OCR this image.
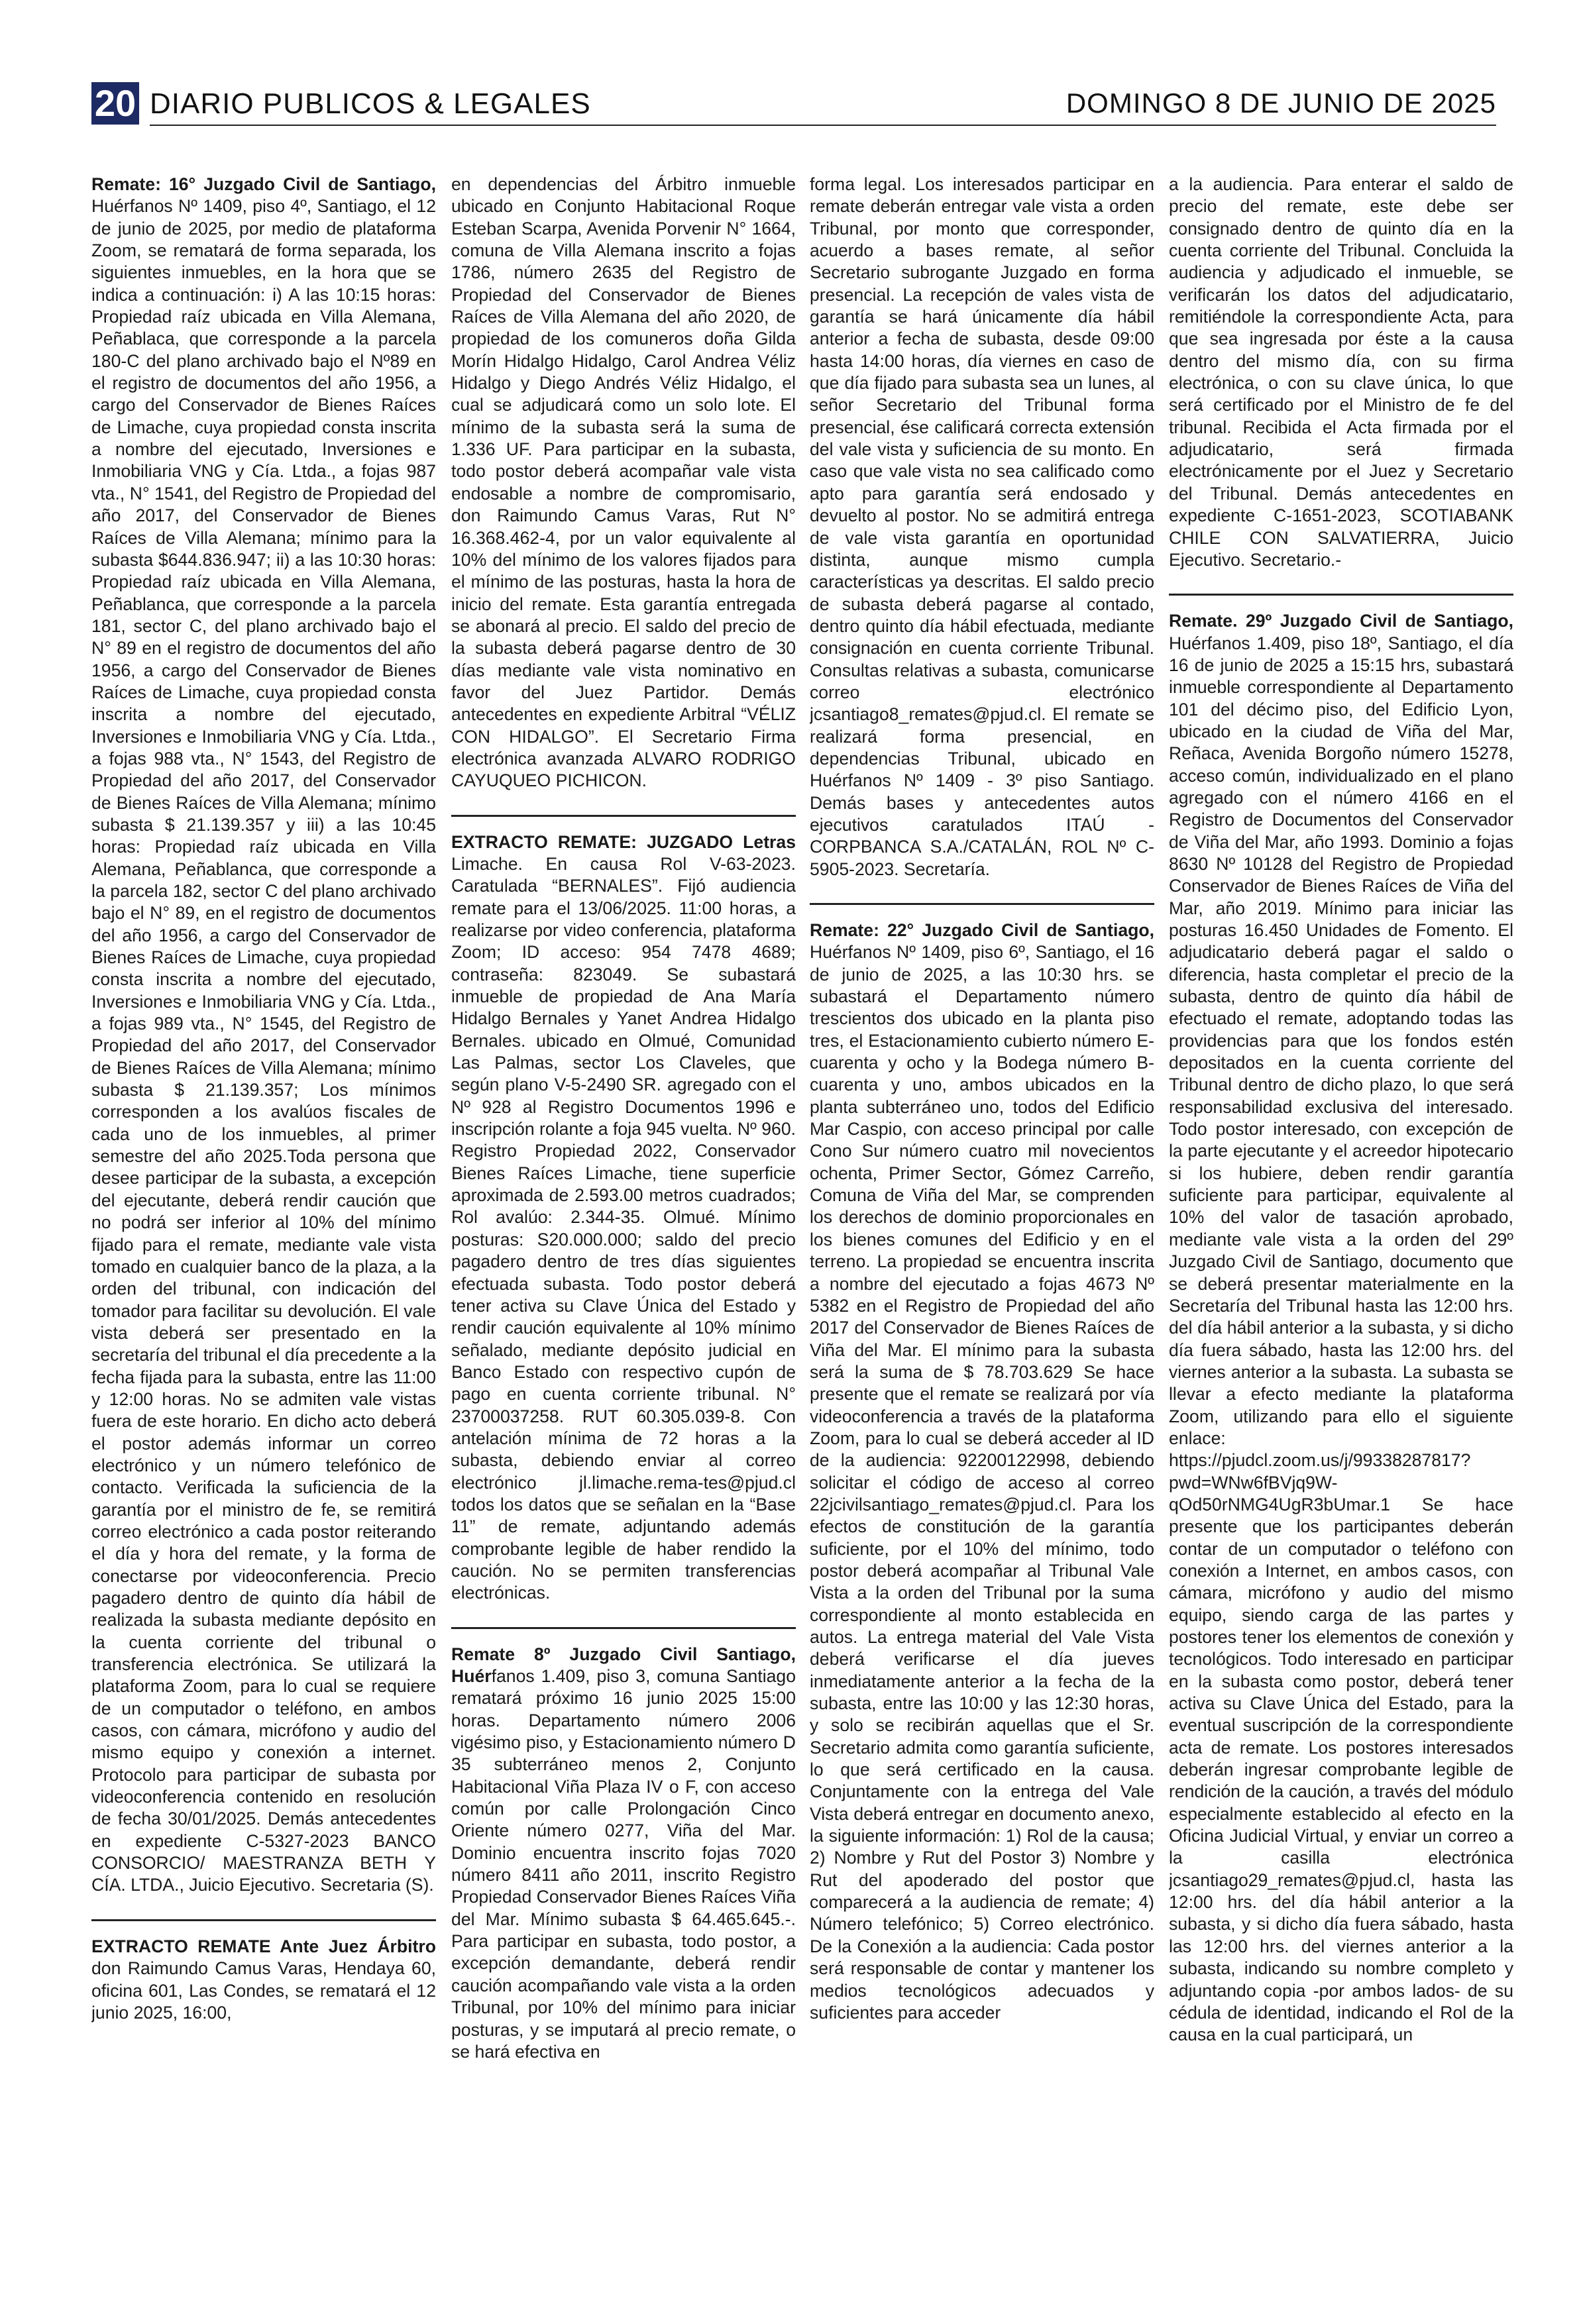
20 DIARIO PUBLICOS & LEGALES	DOMINGO 8 DE JUNIO DE 2025

Remate: 16° Juzgado Civil de Santiago, Huérfanos Nº 1409, piso 4º, Santiago, el 12 de junio de 2025, por medio de plataforma Zoom, se rematará de forma separada, los siguientes inmuebles, en la hora que se indica a continuación: i) A las 10:15 horas: Propiedad raíz ubicada en Villa Alemana, Peñablaca, que corresponde a la parcela 180-C del plano archivado bajo el Nº89 en el registro de documentos del año 1956, a cargo del Conservador de Bienes Raíces de Limache, cuya propiedad consta inscrita a nombre del ejecutado, Inversiones e Inmobiliaria VNG y Cía. Ltda., a fojas 987 vta., N° 1541, del Registro de Propiedad del año 2017, del Conservador de Bienes Raíces de Villa Alemana; mínimo para la subasta $644.836.947; ii) a las 10:30 horas: Propiedad raíz ubicada en Villa Alemana, Peñablanca, que corresponde a la parcela 181, sector C, del plano archivado bajo el N° 89 en el registro de documentos del año 1956, a cargo del Conservador de Bienes Raíces de Limache, cuya propiedad consta inscrita a nombre del ejecutado, Inversiones e Inmobiliaria VNG y Cía. Ltda., a fojas 988 vta., N° 1543, del Registro de Propiedad del año 2017, del Conservador de Bienes Raíces de Villa Alemana; mínimo subasta $ 21.139.357 y iii) a las 10:45 horas: Propiedad raíz ubicada en Villa Alemana, Peñablanca, que corresponde a la parcela 182, sector C del plano archivado bajo el N° 89, en el registro de documentos del año 1956, a cargo del Conservador de Bienes Raíces de Limache, cuya propiedad consta inscrita a nombre del ejecutado, Inversiones e Inmobiliaria VNG y Cía. Ltda., a fojas 989 vta., N° 1545, del Registro de Propiedad del año 2017, del Conservador de Bienes Raíces de Villa Alemana; mínimo subasta $ 21.139.357; Los mínimos corresponden a los avalúos fiscales de cada uno de los inmuebles, al primer semestre del año 2025.Toda persona que desee participar de la subasta, a excepción del ejecutante, deberá rendir caución que no podrá ser inferior al 10% del mínimo fijado para el remate, mediante vale vista tomado en cualquier banco de la plaza, a la orden del tribunal, con indicación del tomador para facilitar su devolución. El vale vista deberá ser presentado en la secretaría del tribunal el día precedente a la fecha fijada para la subasta, entre las 11:00 y 12:00 horas. No se admiten vale vistas fuera de este horario. En dicho acto deberá el postor además informar un correo electrónico y un número telefónico de contacto. Verificada la suficiencia de la garantía por el ministro de fe, se remitirá correo electrónico a cada postor reiterando el día y hora del remate, y la forma de conectarse por videoconferencia. Precio pagadero dentro de quinto día hábil de realizada la subasta mediante depósito en la cuenta corriente del tribunal o transferencia electrónica. Se utilizará la plataforma Zoom, para lo cual se requiere de un computador o teléfono, en ambos casos, con cámara, micrófono y audio del mismo equipo y conexión a internet. Protocolo para participar de subasta por videoconferencia contenido en resolución de fecha 30/01/2025. Demás antecedentes en expediente C-5327-2023 BANCO CONSORCIO/ MAESTRANZA BETH Y CÍA. LTDA., Juicio Ejecutivo. Secretaria (S).

EXTRACTO REMATE Ante Juez Árbitro don Raimundo Camus Varas, Hendaya 60, oficina 601, Las Condes, se rematará el 12 junio 2025, 16:00,

en dependencias del Árbitro inmueble ubicado en Conjunto Habitacional Roque Esteban Scarpa, Avenida Porvenir N° 1664, comuna de Villa Alemana inscrito a fojas 1786, número 2635 del Registro de Propiedad del Conservador de Bienes Raíces de Villa Alemana del año 2020, de propiedad de los comuneros doña Gilda Morín Hidalgo Hidalgo, Carol Andrea Véliz Hidalgo y Diego Andrés Véliz Hidalgo, el cual se adjudicará como un solo lote. El mínimo de la subasta será la suma de 1.336 UF. Para participar en la subasta, todo postor deberá acompañar vale vista endosable a nombre de compromisario, don Raimundo Camus Varas, Rut N° 16.368.462-4, por un valor equivalente al 10% del mínimo de los valores fijados para el mínimo de las posturas, hasta la hora de inicio del remate. Esta garantía entregada se abonará al precio. El saldo del precio de la subasta deberá pagarse dentro de 30 días mediante vale vista nominativo en favor del Juez Partidor. Demás antecedentes en expediente Arbitral “VÉLIZ CON HIDALGO”. El Secretario Firma electrónica avanzada ALVARO RODRIGO CAYUQUEO PICHICON.

EXTRACTO REMATE: JUZGADO Letras Limache. En causa Rol V-63-2023. Caratulada “BERNALES”. Fijó audiencia remate para el 13/06/2025. 11:00 horas, a realizarse por video conferencia, plataforma Zoom; ID acceso: 954 7478 4689; contraseña: 823049. Se subastará inmueble de propiedad de Ana María Hidalgo Bernales y Yanet Andrea Hidalgo Bernales. ubicado en Olmué, Comunidad Las Palmas, sector Los Claveles, que según plano V-5-2490 SR. agregado con el Nº 928 al Registro Documentos 1996 e inscripción rolante a foja 945 vuelta. Nº 960. Registro Propiedad 2022, Conservador Bienes Raíces Limache, tiene superficie aproximada de 2.593.00 metros cuadrados; Rol avalúo: 2.344-35. Olmué. Mínimo posturas: S20.000.000; saldo del precio pagadero dentro de tres días siguientes efectuada subasta. Todo postor deberá tener activa su Clave Única del Estado y rendir caución equivalente al 10% mínimo señalado, mediante depósito judicial en Banco Estado con respectivo cupón de pago en cuenta corriente tribunal. N° 23700037258. RUT 60.305.039-8. Con antelación mínima de 72 horas a la subasta, debiendo enviar al correo electrónico jl.limache.rema-tes@pjud.cl todos los datos que se señalan en la “Base 11” de remate, adjuntando además comprobante legible de haber rendido la caución. No se permiten transferencias electrónicas.

Remate 8º Juzgado Civil Santiago, Huérfanos 1.409, piso 3, comuna Santiago rematará próximo 16 junio 2025 15:00 horas. Departamento número 2006 vigésimo piso, y Estacionamiento número D 35 subterráneo menos 2, Conjunto Habitacional Viña Plaza IV o F, con acceso común por calle Prolongación Cinco Oriente número 0277, Viña del Mar. Dominio encuentra inscrito fojas 7020 número 8411 año 2011, inscrito Registro Propiedad Conservador Bienes Raíces Viña del Mar. Mínimo subasta $ 64.465.645.-. Para participar en subasta, todo postor, a excepción demandante, deberá rendir caución acompañando vale vista a la orden Tribunal, por 10% del mínimo para iniciar posturas, y se imputará al precio remate, o se hará efectiva en

forma legal. Los interesados participar en remate deberán entregar vale vista a orden Tribunal, por monto que corresponder, acuerdo a bases remate, al señor Secretario subrogante Juzgado en forma presencial. La recepción de vales vista de garantía se hará únicamente día hábil anterior a fecha de subasta, desde 09:00 hasta 14:00 horas, día viernes en caso de que día fijado para subasta sea un lunes, al señor Secretario del Tribunal forma presencial, ése calificará correcta extensión del vale vista y suficiencia de su monto. En caso que vale vista no sea calificado como apto para garantía será endosado y devuelto al postor. No se admitirá entrega de vale vista garantía en oportunidad distinta, aunque mismo cumpla características ya descritas. El saldo precio de subasta deberá pagarse al contado, dentro quinto día hábil efectuada, mediante consignación en cuenta corriente Tribunal. Consultas relativas a subasta, comunicarse correo electrónico jcsantiago8_remates@pjud.cl. El remate se realizará forma presencial, en dependencias Tribunal, ubicado en Huérfanos Nº 1409 - 3º piso Santiago. Demás bases y antecedentes autos ejecutivos caratulados ITAÚ - CORPBANCA S.A./CATALÁN, ROL Nº C-5905-2023. Secretaría.

Remate: 22° Juzgado Civil de Santiago, Huérfanos Nº 1409, piso 6º, Santiago, el 16 de junio de 2025, a las 10:30 hrs. se subastará el Departamento número trescientos dos ubicado en la planta piso tres, el Estacionamiento cubierto número E-cuarenta y ocho y la Bodega número B-cuarenta y uno, ambos ubicados en la planta subterráneo uno, todos del Edificio Mar Caspio, con acceso principal por calle Cono Sur número cuatro mil novecientos ochenta, Primer Sector, Gómez Carreño, Comuna de Viña del Mar, se comprenden los derechos de dominio proporcionales en los bienes comunes del Edificio y en el terreno. La propiedad se encuentra inscrita a nombre del ejecutado a fojas 4673 Nº 5382 en el Registro de Propiedad del año 2017 del Conservador de Bienes Raíces de Viña del Mar. El mínimo para la subasta será la suma de $ 78.703.629 Se hace presente que el remate se realizará por vía videoconferencia a través de la plataforma Zoom, para lo cual se deberá acceder al ID de la audiencia: 92200122998, debiendo solicitar el código de acceso al correo 22jcivilsantiago_remates@pjud.cl. Para los efectos de constitución de la garantía suficiente, por el 10% del mínimo, todo postor deberá acompañar al Tribunal Vale Vista a la orden del Tribunal por la suma correspondiente al monto establecida en autos. La entrega material del Vale Vista deberá verificarse el día jueves inmediatamente anterior a la fecha de la subasta, entre las 10:00 y las 12:30 horas, y solo se recibirán aquellas que el Sr. Secretario admita como garantía suficiente, lo que será certificado en la causa. Conjuntamente con la entrega del Vale Vista deberá entregar en documento anexo, la siguiente información: 1) Rol de la causa; 2) Nombre y Rut del Postor 3) Nombre y Rut del apoderado del postor que comparecerá a la audiencia de remate; 4) Número telefónico; 5) Correo electrónico. De la Conexión a la audiencia: Cada postor será responsable de contar y mantener los medios tecnológicos adecuados y suficientes para acceder

a la audiencia. Para enterar el saldo de precio del remate, este debe ser consignado dentro de quinto día en la cuenta corriente del Tribunal. Concluida la audiencia y adjudicado el inmueble, se verificarán los datos del adjudicatario, remitiéndole la correspondiente Acta, para que sea ingresada por éste a la causa dentro del mismo día, con su firma electrónica, o con su clave única, lo que será certificado por el Ministro de fe del tribunal. Recibida el Acta firmada por el adjudicatario, será firmada electrónicamente por el Juez y Secretario del Tribunal. Demás antecedentes en expediente C-1651-2023, SCOTIABANK CHILE CON SALVATIERRA, Juicio Ejecutivo. Secretario.-

Remate. 29º Juzgado Civil de Santiago, Huérfanos 1.409, piso 18º, Santiago, el día 16 de junio de 2025 a 15:15 hrs, subastará inmueble correspondiente al Departamento 101 del décimo piso, del Edificio Lyon, ubicado en la ciudad de Viña del Mar, Reñaca, Avenida Borgoño número 15278, acceso común, individualizado en el plano agregado con el número 4166 en el Registro de Documentos del Conservador de Viña del Mar, año 1993. Dominio a fojas 8630 Nº 10128 del Registro de Propiedad Conservador de Bienes Raíces de Viña del Mar, año 2019. Mínimo para iniciar las posturas 16.450 Unidades de Fomento. El adjudicatario deberá pagar el saldo o diferencia, hasta completar el precio de la subasta, dentro de quinto día hábil de efectuado el remate, adoptando todas las providencias para que los fondos estén depositados en la cuenta corriente del Tribunal dentro de dicho plazo, lo que será responsabilidad exclusiva del interesado. Todo postor interesado, con excepción de la parte ejecutante y el acreedor hipotecario si los hubiere, deben rendir garantía suficiente para participar, equivalente al 10% del valor de tasación aprobado, mediante vale vista a la orden del 29º Juzgado Civil de Santiago, documento que se deberá presentar materialmente en la Secretaría del Tribunal hasta las 12:00 hrs. del día hábil anterior a la subasta, y si dicho día fuera sábado, hasta las 12:00 hrs. del viernes anterior a la subasta. La subasta se llevar a efecto mediante la plataforma Zoom, utilizando para ello el siguiente enlace: https://pjudcl.zoom.us/j/99338287817?pwd=WNw6fBVjq9W-qOd50rNMG4UgR3bUmar.1 Se hace presente que los participantes deberán contar de un computador o teléfono con conexión a Internet, en ambos casos, con cámara, micrófono y audio del mismo equipo, siendo carga de las partes y postores tener los elementos de conexión y tecnológicos. Todo interesado en participar en la subasta como postor, deberá tener activa su Clave Única del Estado, para la eventual suscripción de la correspondiente acta de remate. Los postores interesados deberán ingresar comprobante legible de rendición de la caución, a través del módulo especialmente establecido al efecto en la Oficina Judicial Virtual, y enviar un correo a la casilla electrónica jcsantiago29_remates@pjud.cl, hasta las 12:00 hrs. del día hábil anterior a la subasta, y si dicho día fuera sábado, hasta las 12:00 hrs. del viernes anterior a la subasta, indicando su nombre completo y adjuntando copia -por ambos lados- de su cédula de identidad, indicando el Rol de la causa en la cual participará, un
